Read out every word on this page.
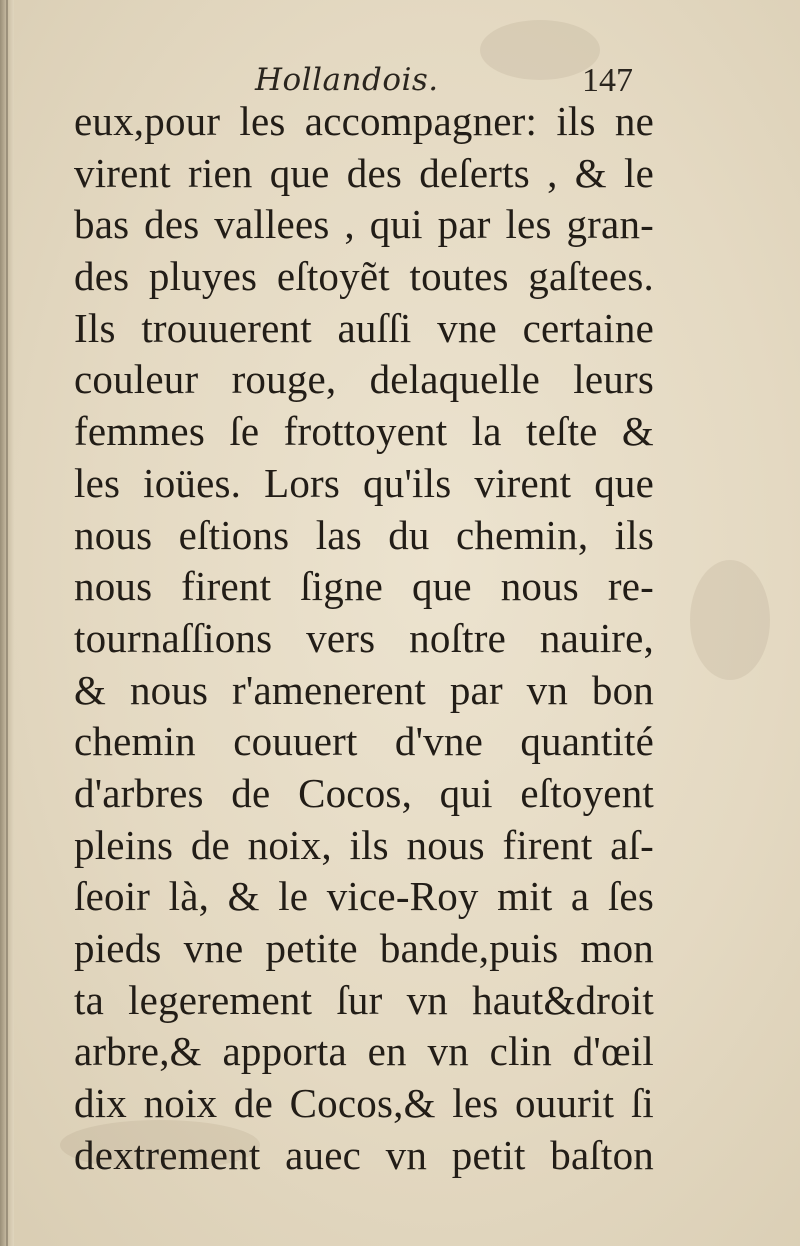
Hollandois.	147
eux,pour les accompagner: ils ne
virent rien que des deſerts , & le
bas des vallees , qui par les gran-
des pluyes eſtoyẽt toutes gaſtees.
Ils trouuerent auſſi vne certaine
couleur rouge, delaquelle leurs
femmes ſe frottoyent la teſte &
les ioües. Lors qu'ils virent que
nous eſtions las du chemin, ils
nous firent ſigne que nous re-
tournaſſions vers noſtre nauire,
& nous r'amenerent par vn bon
chemin couuert d'vne quantité
d'arbres de Cocos, qui eſtoyent
pleins de noix, ils nous firent aſ-
ſeoir là, & le vice-Roy mit a ſes
pieds vne petite bande,puis mon
ta legerement ſur vn haut&droit
arbre,& apporta en vn clin d'œil
dix noix de Cocos,& les ouurit ſi
dextrement auec vn petit baſton
